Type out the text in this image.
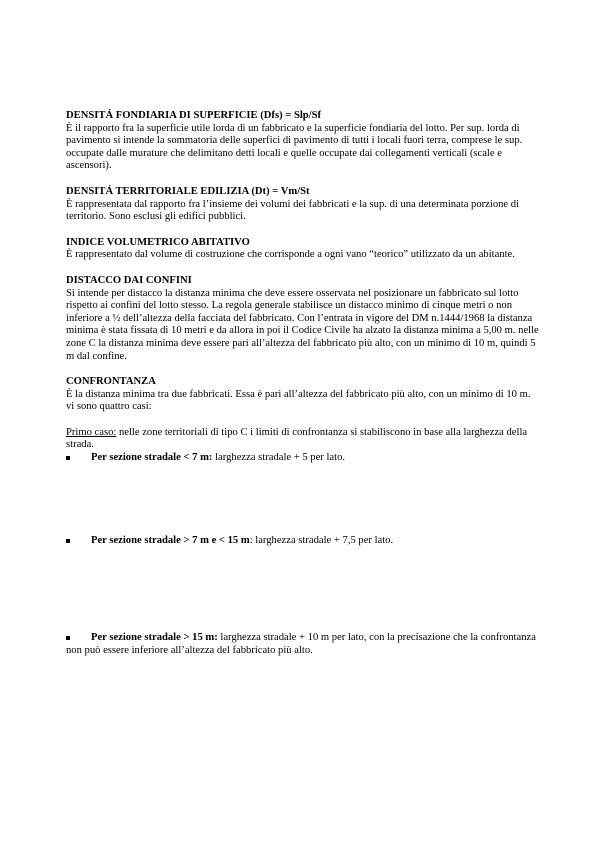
DENSITÁ FONDIARIA DI SUPERFICIE (Dfs) = Slp/Sf
È il rapporto fra la superficie utile lorda di un fabbricato e la superficie fondiaria del lotto. Per sup. lorda di pavimento si intende la sommatoria delle superfici di pavimento di tutti i locali fuori terra, comprese le sup. occupate dalle murature che delimitano detti locali e quelle occupate dai collegamenti verticali (scale e ascensori).
DENSITÁ TERRITORIALE EDILIZIA (Dt) = Vm/St
È rappresentata dal rapporto fra l’insieme dei volumi dei fabbricati e la sup. di una determinata porzione di territorio. Sono esclusi gli edifici pubblici.
INDICE VOLUMETRICO ABITATIVO
È rappresentato dal volume di costruzione che corrisponde a ogni vano “teorico” utilizzato da un abitante.
DISTACCO DAI CONFINI
Si intende per distacco la distanza minima che deve essere osservata nel posizionare un fabbricato sul lotto rispetto ai confini del lotto stesso. La regola generale stabilisce un distacco minimo di cinque metri o non inferiore a ½ dell’altezza della facciata del fabbricato. Con l’entrata in vigore del DM n.1444/1968 la distanza minima è stata fissata di 10 metri e da allora in poi il Codice Civile ha alzato la distanza minima a 5,00 m. nelle zone C la distanza minima deve essere pari all’altezza del fabbricato più alto, con un minimo di 10 m, quindi 5 m dal confine.
CONFRONTANZA
È la distanza minima tra due fabbricati. Essa è pari all’altezza del fabbricato più alto, con un minimo di 10 m. vi sono quattro casi:
Primo caso: nelle zone territoriali di tipo C i limiti di confrontanza si stabiliscono in base alla larghezza della strada.
Per sezione stradale < 7 m: larghezza stradale + 5 per lato.
Per sezione stradale > 7 m e < 15 m: larghezza stradale + 7,5 per lato.
Per sezione stradale > 15 m: larghezza stradale + 10 m per lato, con la precisazione che la confrontanza non può essere inferiore all’altezza del fabbricato più alto.
